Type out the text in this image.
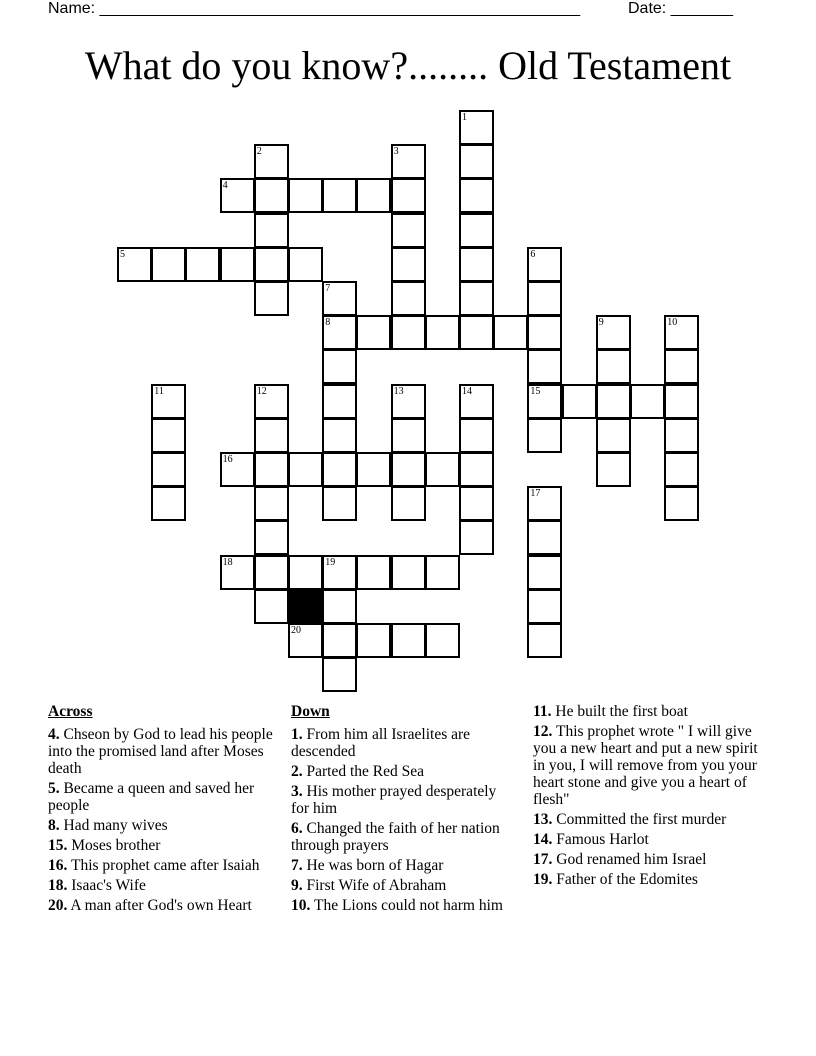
Name: ______________________________________________________	Date: _______
What do you know?........ Old Testament
1
2	3
4
5	6
7
8	9	10
11	12	13	14	15
16
17
18	19
20
Across
4. Chseon by God to lead his people into the promised land after Moses death
5. Became a queen and saved her people
8. Had many wives
15. Moses brother
16. This prophet came after Isaiah
18. Isaac's Wife
20. A man after God's own Heart
Down
1. From him all Israelites are descended
2. Parted the Red Sea
3. His mother prayed desperately for him
6. Changed the faith of her nation through prayers
7. He was born of Hagar
9. First Wife of Abraham
10. The Lions could not harm him
11. He built the first boat
12. This prophet wrote " I will give you a new heart and put a new spirit in you, I will remove from you your heart stone and give you a heart of flesh"
13. Committed the first murder
14. Famous Harlot
17. God renamed him Israel
19. Father of the Edomites
